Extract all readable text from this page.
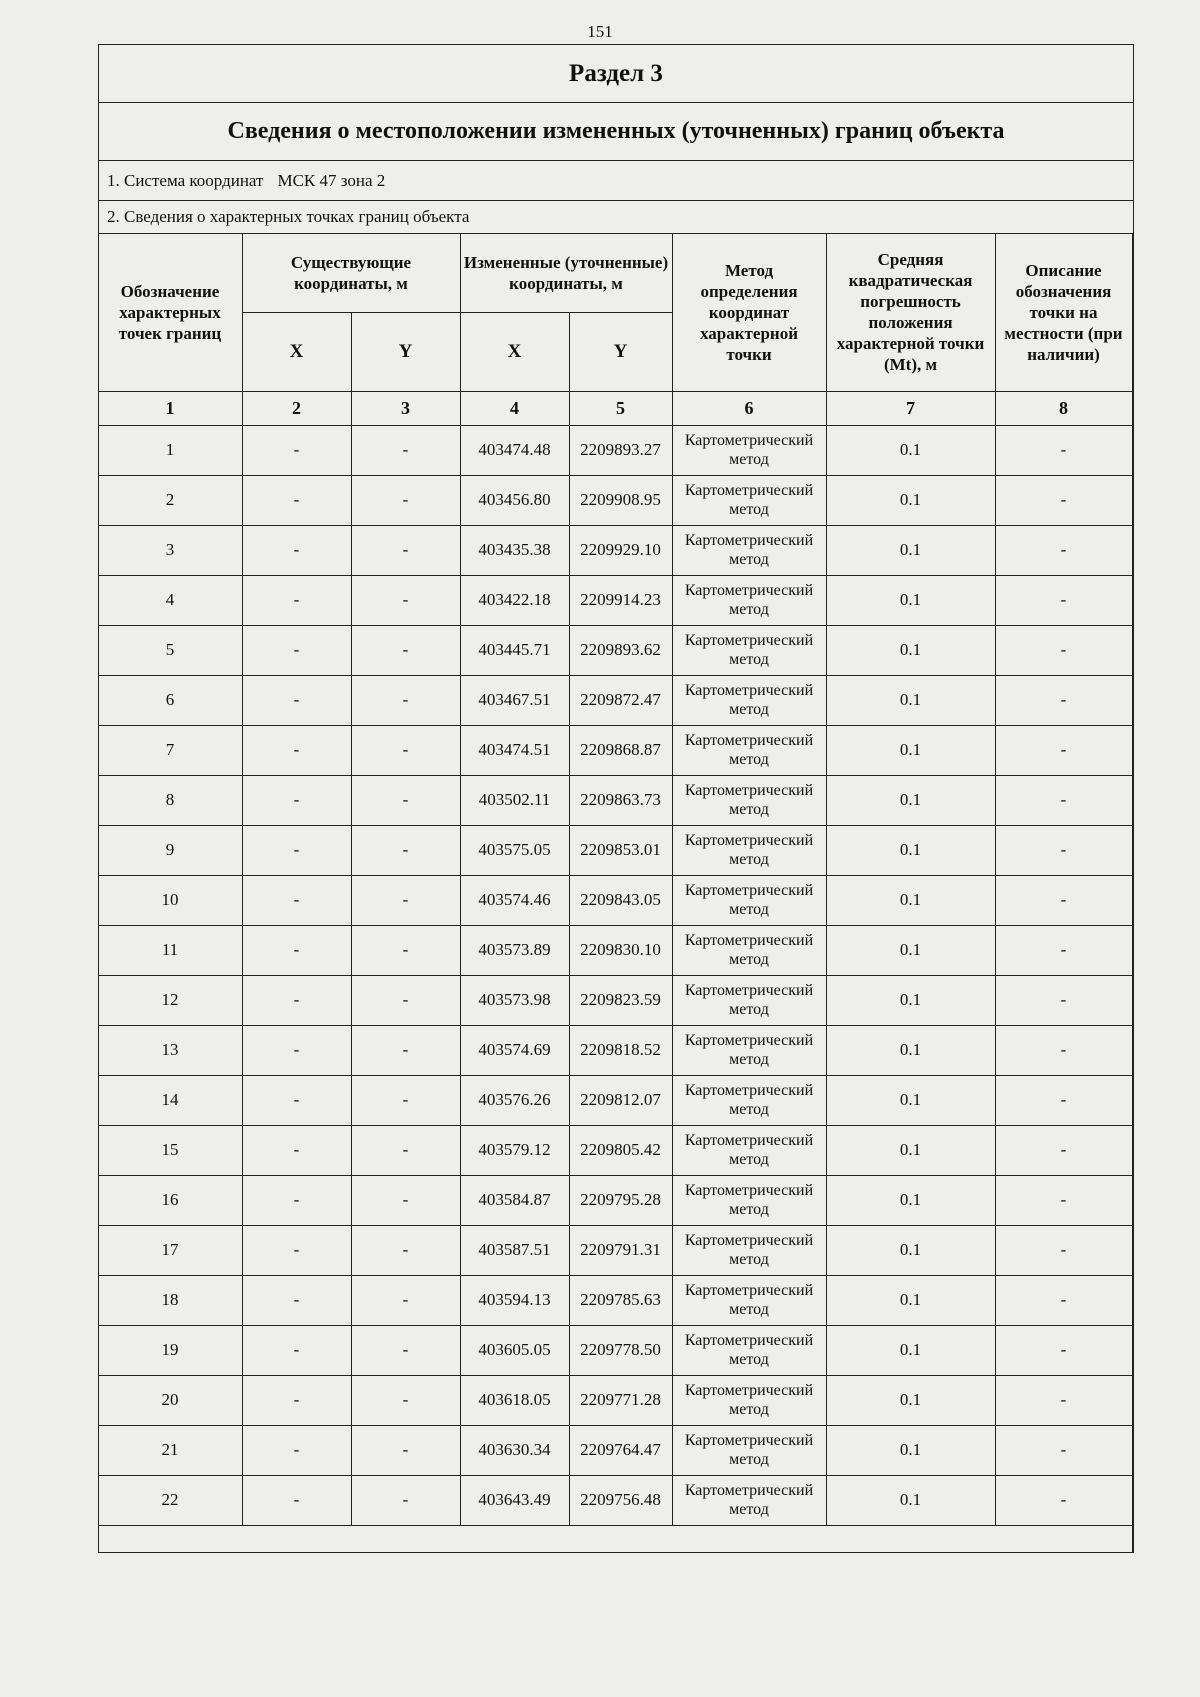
151
Раздел 3
Сведения о местоположении измененных (уточненных) границ объекта
1. Система координат МСК 47 зона 2
2. Сведения о характерных точках границ объекта
Обозначение характерных точек границ	Существующие координаты, м		Измененные (уточненные) координаты, м		Метод определения координат характерной точки	Средняя квадратическая погрешность положения характерной точки (Mt), м	Описание обозначения точки на местности (при наличии)
	X	Y	X	Y			
1	2	3	4	5	6	7	8
1	-	-	403474.48	2209893.27	Картометрический метод	0.1	-
2	-	-	403456.80	2209908.95	Картометрический метод	0.1	-
3	-	-	403435.38	2209929.10	Картометрический метод	0.1	-
4	-	-	403422.18	2209914.23	Картометрический метод	0.1	-
5	-	-	403445.71	2209893.62	Картометрический метод	0.1	-
6	-	-	403467.51	2209872.47	Картометрический метод	0.1	-
7	-	-	403474.51	2209868.87	Картометрический метод	0.1	-
8	-	-	403502.11	2209863.73	Картометрический метод	0.1	-
9	-	-	403575.05	2209853.01	Картометрический метод	0.1	-
10	-	-	403574.46	2209843.05	Картометрический метод	0.1	-
11	-	-	403573.89	2209830.10	Картометрический метод	0.1	-
12	-	-	403573.98	2209823.59	Картометрический метод	0.1	-
13	-	-	403574.69	2209818.52	Картометрический метод	0.1	-
14	-	-	403576.26	2209812.07	Картометрический метод	0.1	-
15	-	-	403579.12	2209805.42	Картометрический метод	0.1	-
16	-	-	403584.87	2209795.28	Картометрический метод	0.1	-
17	-	-	403587.51	2209791.31	Картометрический метод	0.1	-
18	-	-	403594.13	2209785.63	Картометрический метод	0.1	-
19	-	-	403605.05	2209778.50	Картометрический метод	0.1	-
20	-	-	403618.05	2209771.28	Картометрический метод	0.1	-
21	-	-	403630.34	2209764.47	Картометрический метод	0.1	-
22	-	-	403643.49	2209756.48	Картометрический метод	0.1	-
